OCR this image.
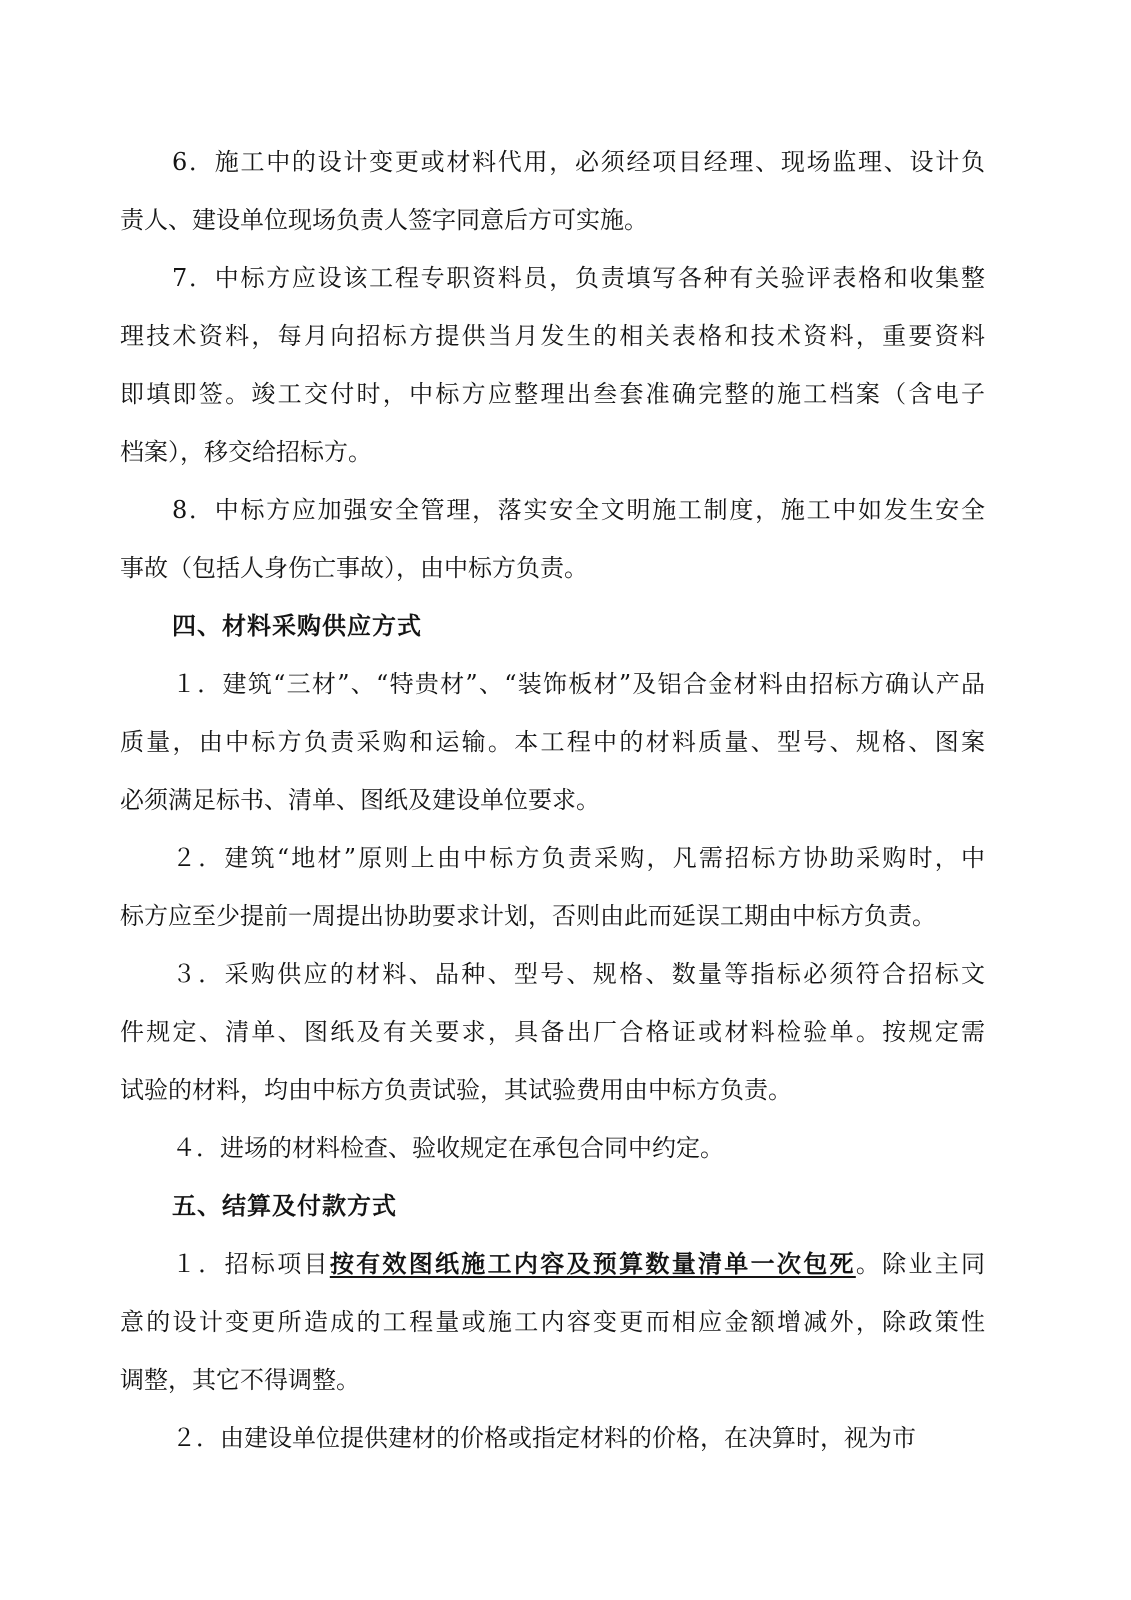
6．施工中的设计变更或材料代用，必须经项目经理、现场监理、设计负
责人、建设单位现场负责人签字同意后方可实施。
7．中标方应设该工程专职资料员，负责填写各种有关验评表格和收集整
理技术资料，每月向招标方提供当月发生的相关表格和技术资料，重要资料
即填即签。竣工交付时，中标方应整理出叁套准确完整的施工档案（含电子
档案），移交给招标方。
8．中标方应加强安全管理，落实安全文明施工制度，施工中如发生安全
事故（包括人身伤亡事故），由中标方负责。
四、材料采购供应方式
１．建筑“三材”、“特贵材”、“装饰板材”及铝合金材料由招标方确认产品
质量，由中标方负责采购和运输。本工程中的材料质量、型号、规格、图案
必须满足标书、清单、图纸及建设单位要求。
２．建筑“地材”原则上由中标方负责采购，凡需招标方协助采购时，中
标方应至少提前一周提出协助要求计划，否则由此而延误工期由中标方负责。
３．采购供应的材料、品种、型号、规格、数量等指标必须符合招标文
件规定、清单、图纸及有关要求，具备出厂合格证或材料检验单。按规定需
试验的材料，均由中标方负责试验，其试验费用由中标方负责。
４．进场的材料检查、验收规定在承包合同中约定。
五、结算及付款方式
１．招标项目按有效图纸施工内容及预算数量清单一次包死。除业主同
意的设计变更所造成的工程量或施工内容变更而相应金额增减外，除政策性
调整，其它不得调整。
２．由建设单位提供建材的价格或指定材料的价格，在决算时，视为市
